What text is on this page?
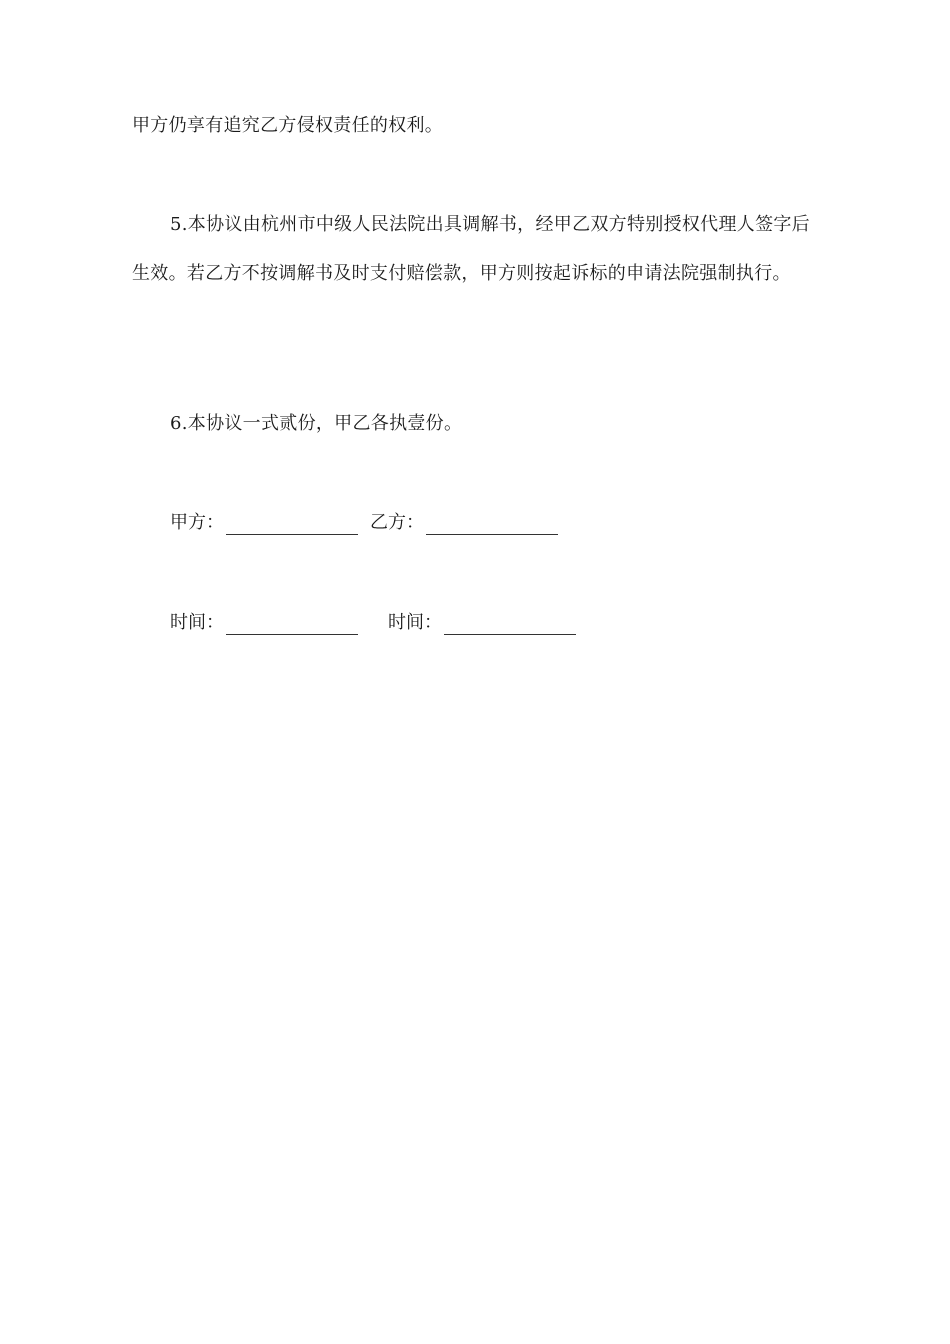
甲方仍享有追究乙方侵权责任的权利。

5.本协议由杭州市中级人民法院出具调解书，经甲乙双方特别授权代理人签字后生效。若乙方不按调解书及时支付赔偿款，甲方则按起诉标的申请法院强制执行。

6.本协议一式贰份，甲乙各执壹份。

甲方：	乙方：
时间：	时间：
